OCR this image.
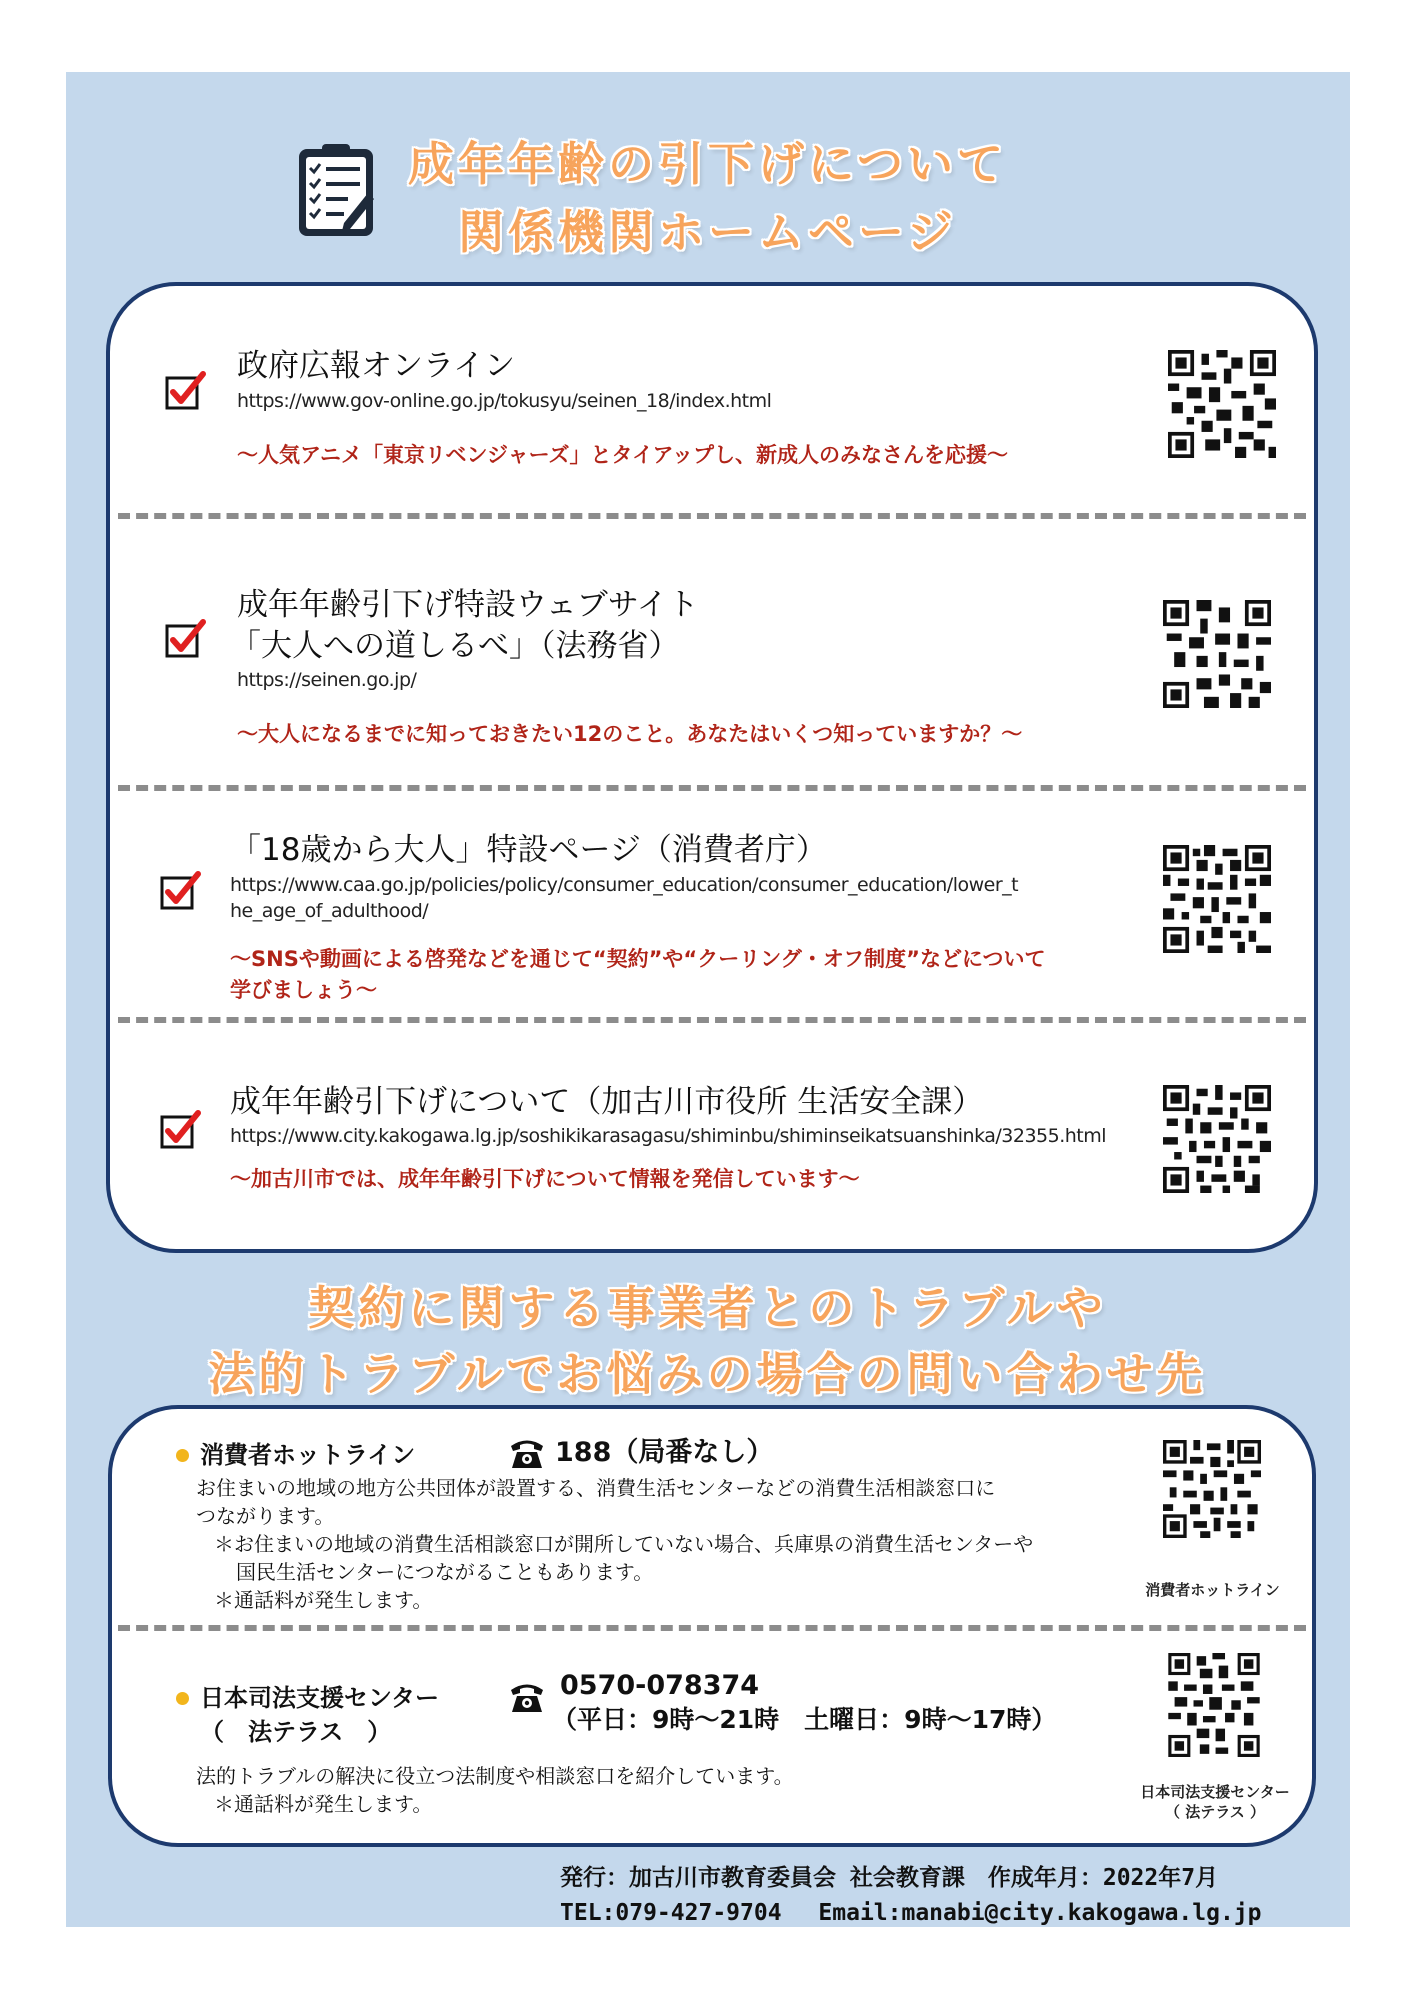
成年年齢の引下げについて
関係機関ホームページ
政府広報オンライン
https://www.gov-online.go.jp/tokusyu/seinen_18/index.html
～人気アニメ「東京リベンジャーズ」とタイアップし、新成人のみなさんを応援～
成年年齢引下げ特設ウェブサイト
「大人への道しるべ」（法務省）
https://seinen.go.jp/
～大人になるまでに知っておきたい12のこと。あなたはいくつ知っていますか？～
「18歳から大人」特設ページ（消費者庁）
https://www.caa.go.jp/policies/policy/consumer_education/consumer_education/lower_t
he_age_of_adulthood/
～SNSや動画による啓発などを通じて“契約”や“クーリング・オフ制度”などについて
学びましょう～
成年年齢引下げについて（加古川市役所 生活安全課）
https://www.city.kakogawa.lg.jp/soshikikarasagasu/shiminbu/shiminseikatsuanshinka/32355.html
～加古川市では、成年年齢引下げについて情報を発信しています～
契約に関する事業者とのトラブルや
法的トラブルでお悩みの場合の問い合わせ先
消費者ホットライン	188（局番なし）
お住まいの地域の地方公共団体が設置する、消費生活センターなどの消費生活相談窓口に
つながります。
＊お住まいの地域の消費生活相談窓口が開所していない場合、兵庫県の消費生活センターや
国民生活センターにつながることもあります。
＊通話料が発生します。	消費者ホットライン
日本司法支援センター
（　法テラス　）
0570-078374
（平日：9時～21時　土曜日：9時～17時）
法的トラブルの解決に役立つ法制度や相談窓口を紹介しています。
＊通話料が発生します。	日本司法支援センター
（ 法テラス ）
発行：加古川市教育委員会 社会教育課　作成年月：2022年7月
TEL:079-427-9704　 Email:manabi@city.kakogawa.lg.jp
